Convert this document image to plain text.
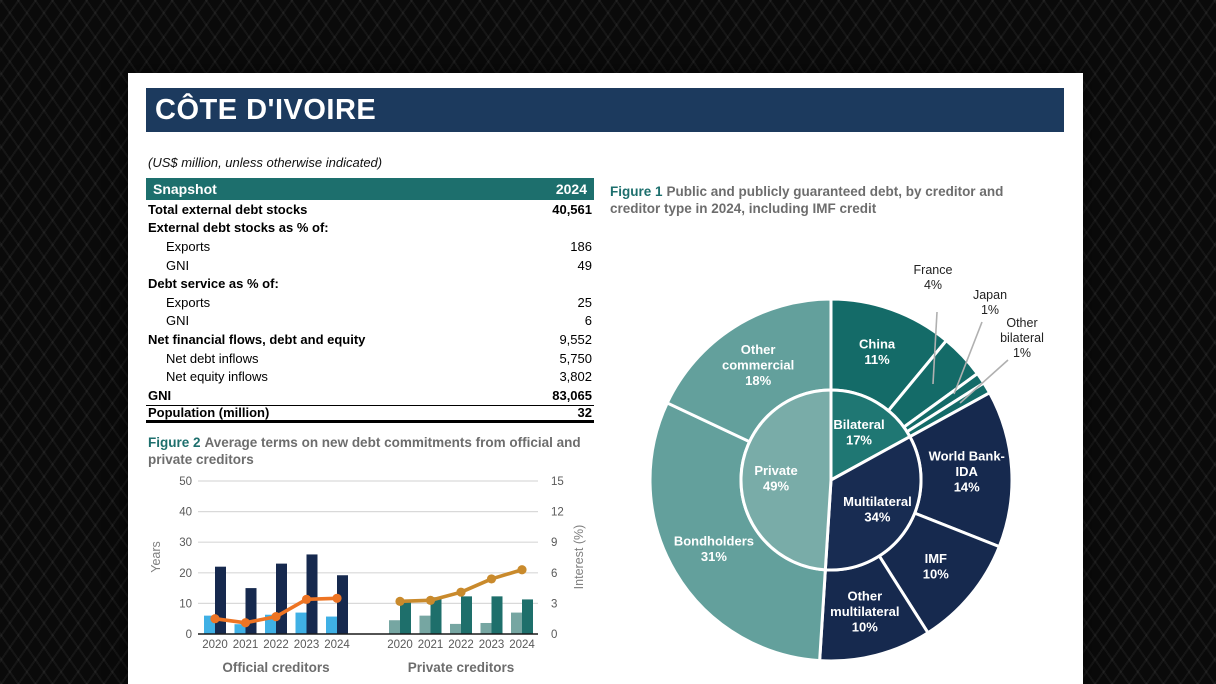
CÔTE D'IVOIRE
(US$ million, unless otherwise indicated)
Snapshot	2024
Total external debt stocks	40,561
External debt stocks as % of:
Exports	186
GNI	49
Debt service as % of:
Exports	25
GNI	6
Net financial flows, debt and equity	9,552
Net debt inflows	5,750
Net equity inflows	3,802
GNI	83,065
Population (million)	32
Figure 1 Public and publicly guaranteed debt, by creditor and creditor type in 2024, including IMF credit
China 11%
France 4%
Japan 1%
Other bilateral 1%
World Bank-IDA 14%
IMF 10%
Other multilateral 10%
Bondholders 31%
Other commercial 18%
Bilateral 17%
Multilateral 34%
Private 49%
Figure 2 Average terms on new debt commitments from official and private creditors
0	0
10	3
20	6
30	9
40	12
50	15
2020 2021 2022 2023 2024
Official creditors
2020 2021 2022 2023 2024
Private creditors
Years	Interest (%)
